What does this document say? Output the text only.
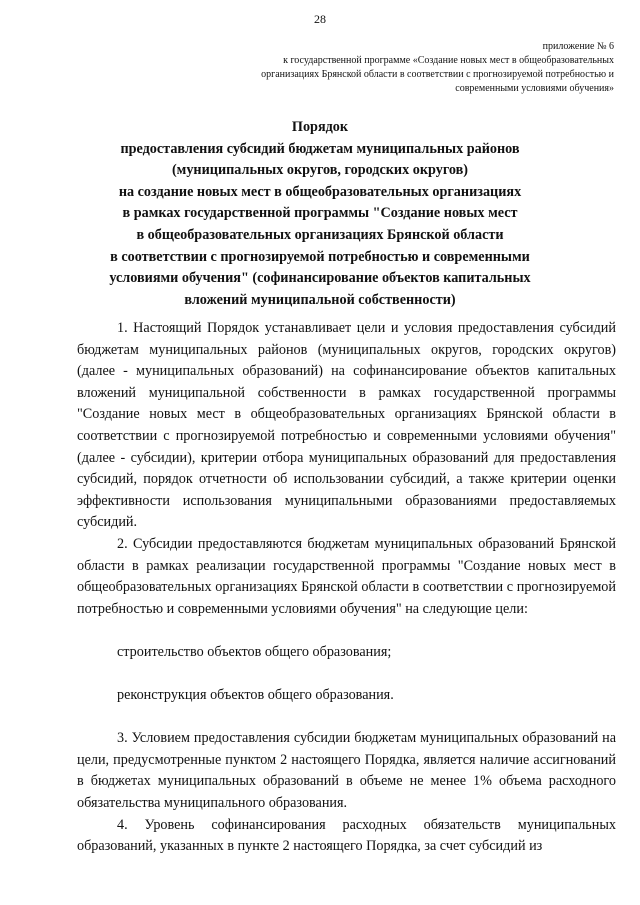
28
приложение № 6
к государственной программе «Создание новых мест в общеобразовательных
организациях Брянской области в соответствии с прогнозируемой потребностью и
современными условиями обучения»
Порядок
предоставления субсидий бюджетам муниципальных районов
(муниципальных округов, городских округов)
на создание новых мест в общеобразовательных организациях
в рамках государственной программы "Создание новых мест
в общеобразовательных организациях Брянской области
в соответствии с прогнозируемой потребностью и современными
условиями обучения" (софинансирование объектов капитальных
вложений муниципальной собственности)

1. Настоящий Порядок устанавливает цели и условия предоставления субсидий бюджетам муниципальных районов (муниципальных округов, городских округов) (далее - муниципальных образований) на софинансирование объектов капитальных вложений муниципальной собственности в рамках государственной программы "Создание новых мест в общеобразовательных организациях Брянской области в соответствии с прогнозируемой потребностью и современными условиями обучения" (далее - субсидии), критерии отбора муниципальных образований для предоставления субсидий, порядок отчетности об использовании субсидий, а также критерии оценки эффективности использования муниципальными образованиями предоставляемых субсидий.

2. Субсидии предоставляются бюджетам муниципальных образований Брянской области в рамках реализации государственной программы "Создание новых мест в общеобразовательных организациях Брянской области в соответствии с прогнозируемой потребностью и современными условиями обучения" на следующие цели:

строительство объектов общего образования;

реконструкция объектов общего образования.

3. Условием предоставления субсидии бюджетам муниципальных образований на цели, предусмотренные пунктом 2 настоящего Порядка, является наличие ассигнований в бюджетах муниципальных образований в объеме не менее 1% объема расходного обязательства муниципального образования.

4. Уровень софинансирования расходных обязательств муниципальных образований, указанных в пункте 2 настоящего Порядка, за счет субсидий из
